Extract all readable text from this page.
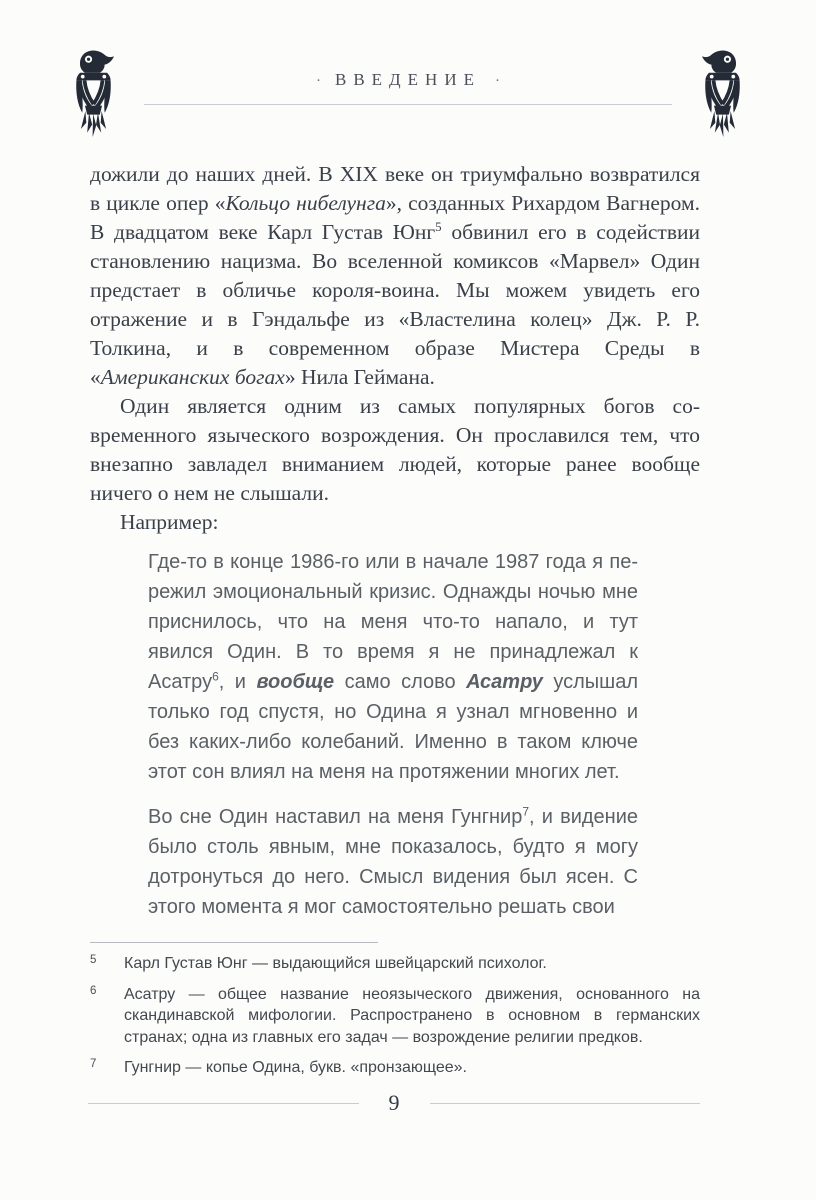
· ВВЕДЕНИЕ ·

дожили до наших дней. В XIX веке он триумфально возвратился в цикле опер «Кольцо нибелунга», созданных Рихардом Вагнером. В двадцатом веке Карл Густав Юнг$^5$ обвинил его в содействии становлению нацизма. Во вселенной комиксов «Марвел» Один предстает в обличье короля-воина. Мы можем увидеть его отражение и в Гэндальфе из «Властелина колец» Дж. Р. Р. Толкина, и в современном образе Мистера Среды в «Американских богах» Нила Геймана.

Один является одним из самых популярных богов современного языческого возрождения. Он прославился тем, что внезапно завладел вниманием людей, которые ранее вообще ничего о нем не слышали.

Например:

Где-то в конце 1986-го или в начале 1987 года я пережил эмоциональный кризис. Однажды ночью мне приснилось, что на меня что-то напало, и тут явился Один. В то время я не принадлежал к Асатру$^6$, и вообще само слово Асатру услышал только год спустя, но Одина я узнал мгновенно и без каких-либо колебаний. Именно в таком ключе этот сон влиял на меня на протяжении многих лет.

Во сне Один наставил на меня Гунгнир$^7$, и видение было столь явным, мне показалось, будто я могу дотронуться до него. Смысл видения был ясен. С этого момента я мог самостоятельно решать свои

5	Карл Густав Юнг — выдающийся швейцарский психолог.
6	Асатру — общее название неоязыческого движения, основанного на скандинавской мифологии. Распространено в основном в германских странах; одна из главных его задач — возрождение религии предков.
7	Гунгнир — копье Одина, букв. «пронзающее».
9
